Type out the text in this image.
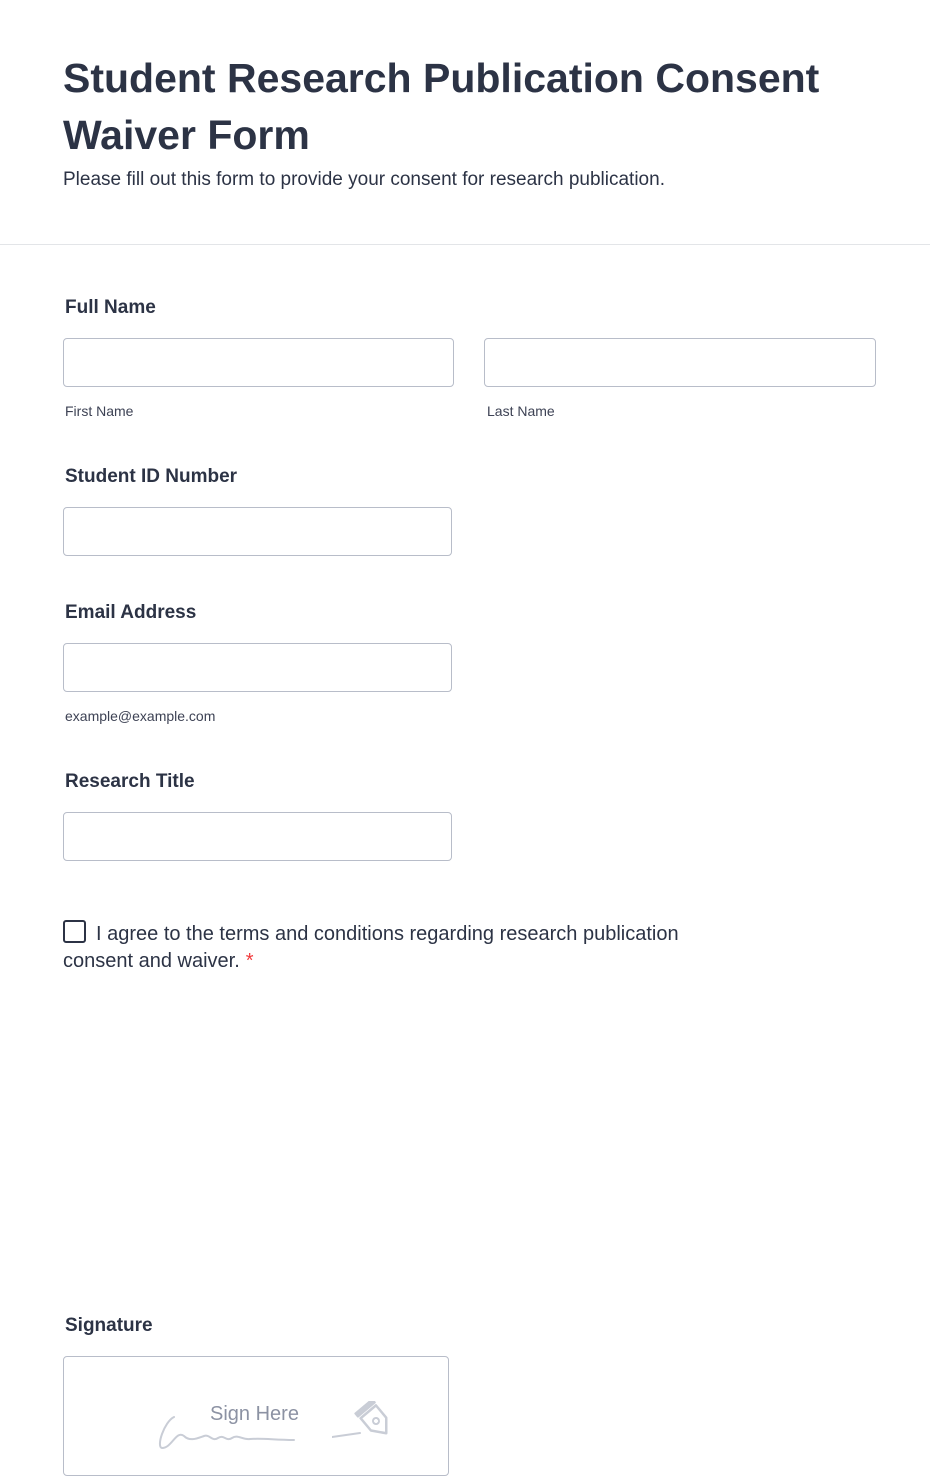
Student Research Publication Consent Waiver Form

Please fill out this form to provide your consent for research publication.

Full Name
First Name	Last Name
Student ID Number
Email Address
example@example.com
Research Title
I agree to the terms and conditions regarding research publication consent and waiver. *
Signature
Sign Here
